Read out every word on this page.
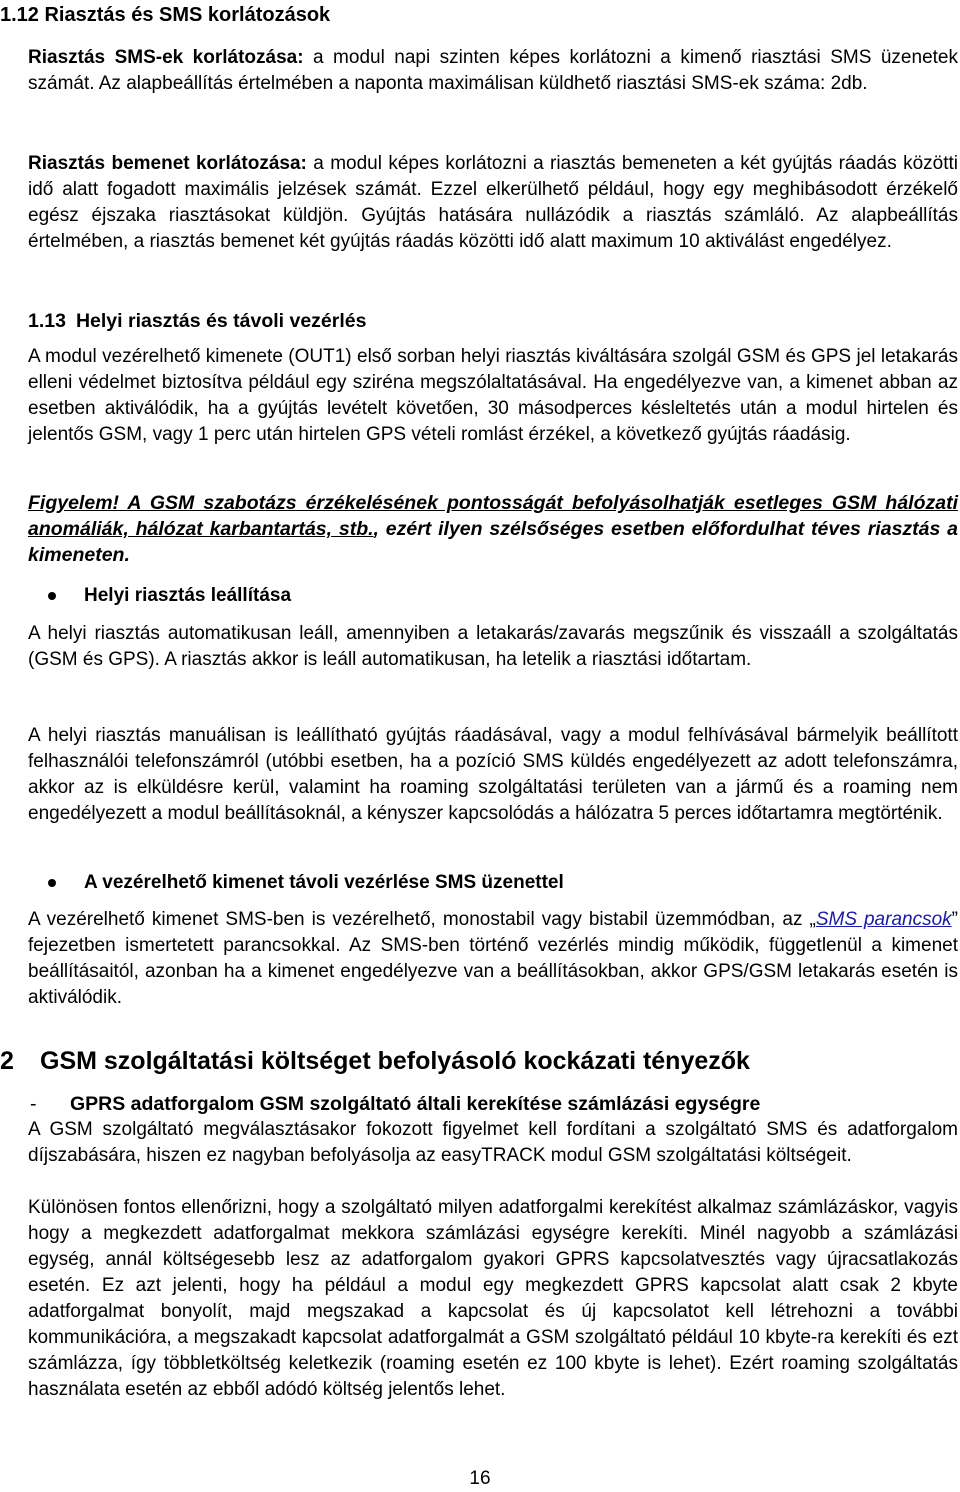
1.12 Riasztás és SMS korlátozások
Riasztás SMS-ek korlátozása: a modul napi szinten képes korlátozni a kimenő riasztási SMS üzenetek számát. Az alapbeállítás értelmében a naponta maximálisan küldhető riasztási SMS-ek száma: 2db.
Riasztás bemenet korlátozása: a modul képes korlátozni a riasztás bemeneten a két gyújtás ráadás közötti idő alatt fogadott maximális jelzések számát. Ezzel elkerülhető például, hogy egy meghibásodott érzékelő egész éjszaka riasztásokat küldjön. Gyújtás hatására nullázódik a riasztás számláló. Az alapbeállítás értelmében, a riasztás bemenet két gyújtás ráadás közötti idő alatt maximum 10 aktiválást engedélyez.
1.13 Helyi riasztás és távoli vezérlés
A modul vezérelhető kimenete (OUT1) első sorban helyi riasztás kiváltására szolgál GSM és GPS jel letakarás elleni védelmet biztosítva például egy sziréna megszólaltatásával. Ha engedélyezve van, a kimenet abban az esetben aktiválódik, ha a gyújtás levételt követően, 30 másodperces késleltetés után a modul hirtelen és jelentős GSM, vagy 1 perc után hirtelen GPS vételi romlást érzékel, a következő gyújtás ráadásig.
Figyelem! A GSM szabotázs érzékelésének pontosságát befolyásolhatják esetleges GSM hálózati anomáliák, hálózat karbantartás, stb., ezért ilyen szélsőséges esetben előfordulhat téves riasztás a kimeneten.
Helyi riasztás leállítása
A helyi riasztás automatikusan leáll, amennyiben a letakarás/zavarás megszűnik és visszaáll a szolgáltatás (GSM és GPS). A riasztás akkor is leáll automatikusan, ha letelik a riasztási időtartam.
A helyi riasztás manuálisan is leállítható gyújtás ráadásával, vagy a modul felhívásával bármelyik beállított felhasználói telefonszámról (utóbbi esetben, ha a pozíció SMS küldés engedélyezett az adott telefonszámra, akkor az is elküldésre kerül, valamint ha roaming szolgáltatási területen van a jármű és a roaming nem engedélyezett a modul beállításoknál, a kényszer kapcsolódás a hálózatra 5 perces időtartamra megtörténik.
A vezérelhető kimenet távoli vezérlése SMS üzenettel
A vezérelhető kimenet SMS-ben is vezérelhető, monostabil vagy bistabil üzemmódban, az „SMS parancsok” fejezetben ismertetett parancsokkal. Az SMS-ben történő vezérlés mindig működik, függetlenül a kimenet beállításaitól, azonban ha a kimenet engedélyezve van a beállításokban, akkor GPS/GSM letakarás esetén is aktiválódik.
2 GSM szolgáltatási költséget befolyásoló kockázati tényezők
- GPRS adatforgalom GSM szolgáltató általi kerekítése számlázási egységre
A GSM szolgáltató megválasztásakor fokozott figyelmet kell fordítani a szolgáltató SMS és adatforgalom díjszabására, hiszen ez nagyban befolyásolja az easyTRACK modul GSM szolgáltatási költségeit.
Különösen fontos ellenőrizni, hogy a szolgáltató milyen adatforgalmi kerekítést alkalmaz számlázáskor, vagyis hogy a megkezdett adatforgalmat mekkora számlázási egységre kerekíti. Minél nagyobb a számlázási egység, annál költségesebb lesz az adatforgalom gyakori GPRS kapcsolatvesztés vagy újracsatlakozás esetén. Ez azt jelenti, hogy ha például a modul egy megkezdett GPRS kapcsolat alatt csak 2 kbyte adatforgalmat bonyolít, majd megszakad a kapcsolat és új kapcsolatot kell létrehozni a további kommunikációra, a megszakadt kapcsolat adatforgalmát a GSM szolgáltató például 10 kbyte-ra kerekíti és ezt számlázza, így többletköltség keletkezik (roaming esetén ez 100 kbyte is lehet). Ezért roaming szolgáltatás használata esetén az ebből adódó költség jelentős lehet.
16
